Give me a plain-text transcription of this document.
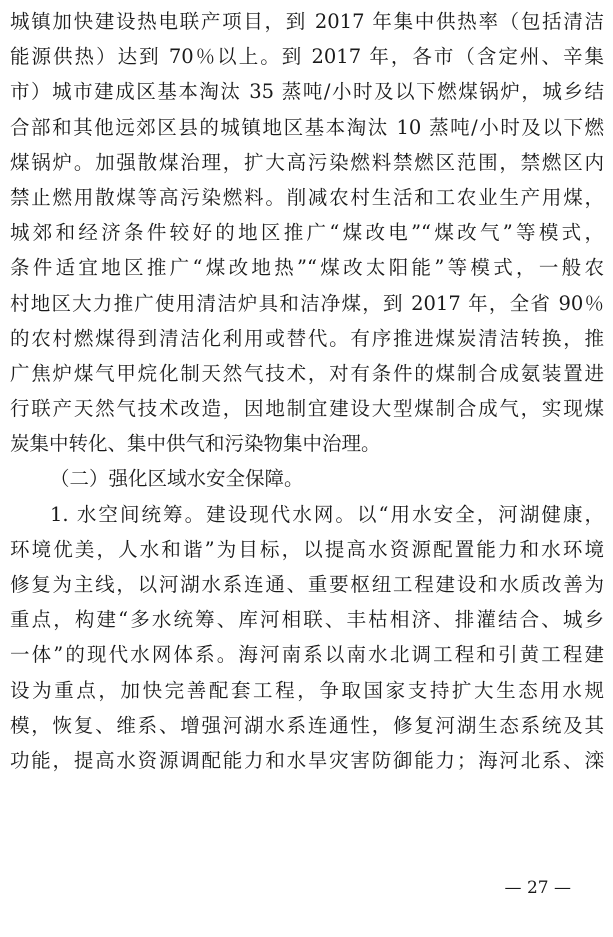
城镇加快建设热电联产项目，到 2017 年集中供热率（包括清洁
能源供热）达到 70％以上。到 2017 年，各市（含定州、辛集
市）城市建成区基本淘汰 35 蒸吨/小时及以下燃煤锅炉，城乡结
合部和其他远郊区县的城镇地区基本淘汰 10 蒸吨/小时及以下燃
煤锅炉。加强散煤治理，扩大高污染燃料禁燃区范围，禁燃区内
禁止燃用散煤等高污染燃料。削减农村生活和工农业生产用煤，
城郊和经济条件较好的地区推广“煤改电”“煤改气”等模式，
条件适宜地区推广“煤改地热”“煤改太阳能”等模式，一般农
村地区大力推广使用清洁炉具和洁净煤，到 2017 年，全省 90％
的农村燃煤得到清洁化利用或替代。有序推进煤炭清洁转换，推
广焦炉煤气甲烷化制天然气技术，对有条件的煤制合成氨装置进
行联产天然气技术改造，因地制宜建设大型煤制合成气，实现煤
炭集中转化、集中供气和污染物集中治理。
（二）强化区域水安全保障。
1. 水空间统筹。建设现代水网。以“用水安全，河湖健康，
环境优美，人水和谐”为目标，以提高水资源配置能力和水环境
修复为主线，以河湖水系连通、重要枢纽工程建设和水质改善为
重点，构建“多水统筹、库河相联、丰枯相济、排灌结合、城乡
一体”的现代水网体系。海河南系以南水北调工程和引黄工程建
设为重点，加快完善配套工程，争取国家支持扩大生态用水规
模，恢复、维系、增强河湖水系连通性，修复河湖生态系统及其
功能，提高水资源调配能力和水旱灾害防御能力；海河北系、滦
— 27 —
